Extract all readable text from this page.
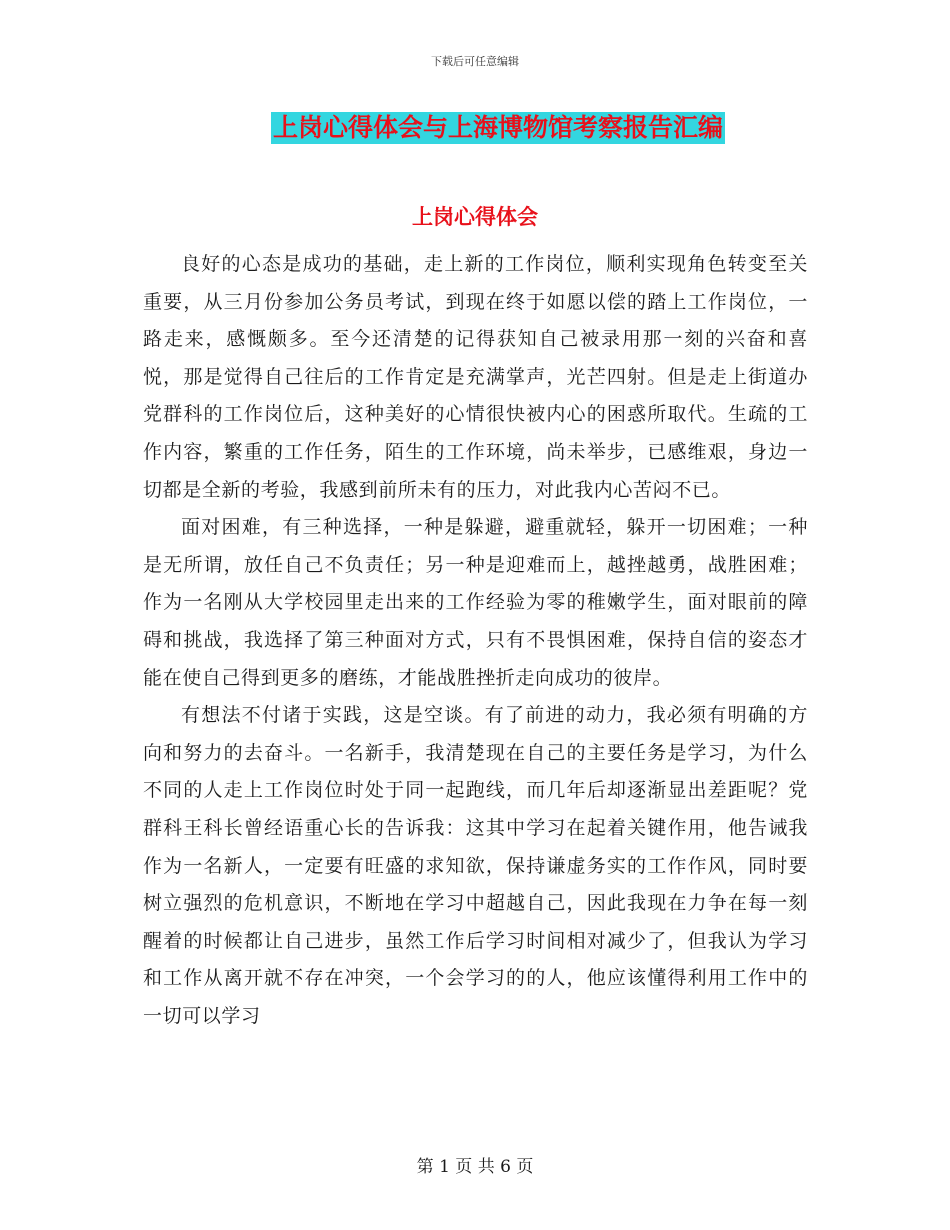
下载后可任意编辑
上岗心得体会与上海博物馆考察报告汇编
上岗心得体会

良好的心态是成功的基础，走上新的工作岗位，顺利实现角色转变至关重要，从三月份参加公务员考试，到现在终于如愿以偿的踏上工作岗位，一路走来，感慨颇多。至今还清楚的记得获知自己被录用那一刻的兴奋和喜悦，那是觉得自己往后的工作肯定是充满掌声，光芒四射。但是走上街道办党群科的工作岗位后，这种美好的心情很快被内心的困惑所取代。生疏的工作内容，繁重的工作任务，陌生的工作环境，尚未举步，已感维艰，身边一切都是全新的考验，我感到前所未有的压力，对此我内心苦闷不已。

面对困难，有三种选择，一种是躲避，避重就轻，躲开一切困难；一种是无所谓，放任自己不负责任；另一种是迎难而上，越挫越勇，战胜困难；作为一名刚从大学校园里走出来的工作经验为零的稚嫩学生，面对眼前的障碍和挑战，我选择了第三种面对方式，只有不畏惧困难，保持自信的姿态才能在使自己得到更多的磨练，才能战胜挫折走向成功的彼岸。

有想法不付诸于实践，这是空谈。有了前进的动力，我必须有明确的方向和努力的去奋斗。一名新手，我清楚现在自己的主要任务是学习，为什么不同的人走上工作岗位时处于同一起跑线，而几年后却逐渐显出差距呢？党群科王科长曾经语重心长的告诉我：这其中学习在起着关键作用，他告诫我作为一名新人，一定要有旺盛的求知欲，保持谦虚务实的工作作风，同时要树立强烈的危机意识，不断地在学习中超越自己，因此我现在力争在每一刻醒着的时候都让自己进步，虽然工作后学习时间相对减少了，但我认为学习和工作从离开就不存在冲突，一个会学习的的人，他应该懂得利用工作中的一切可以学习

第 1 页 共 6 页
